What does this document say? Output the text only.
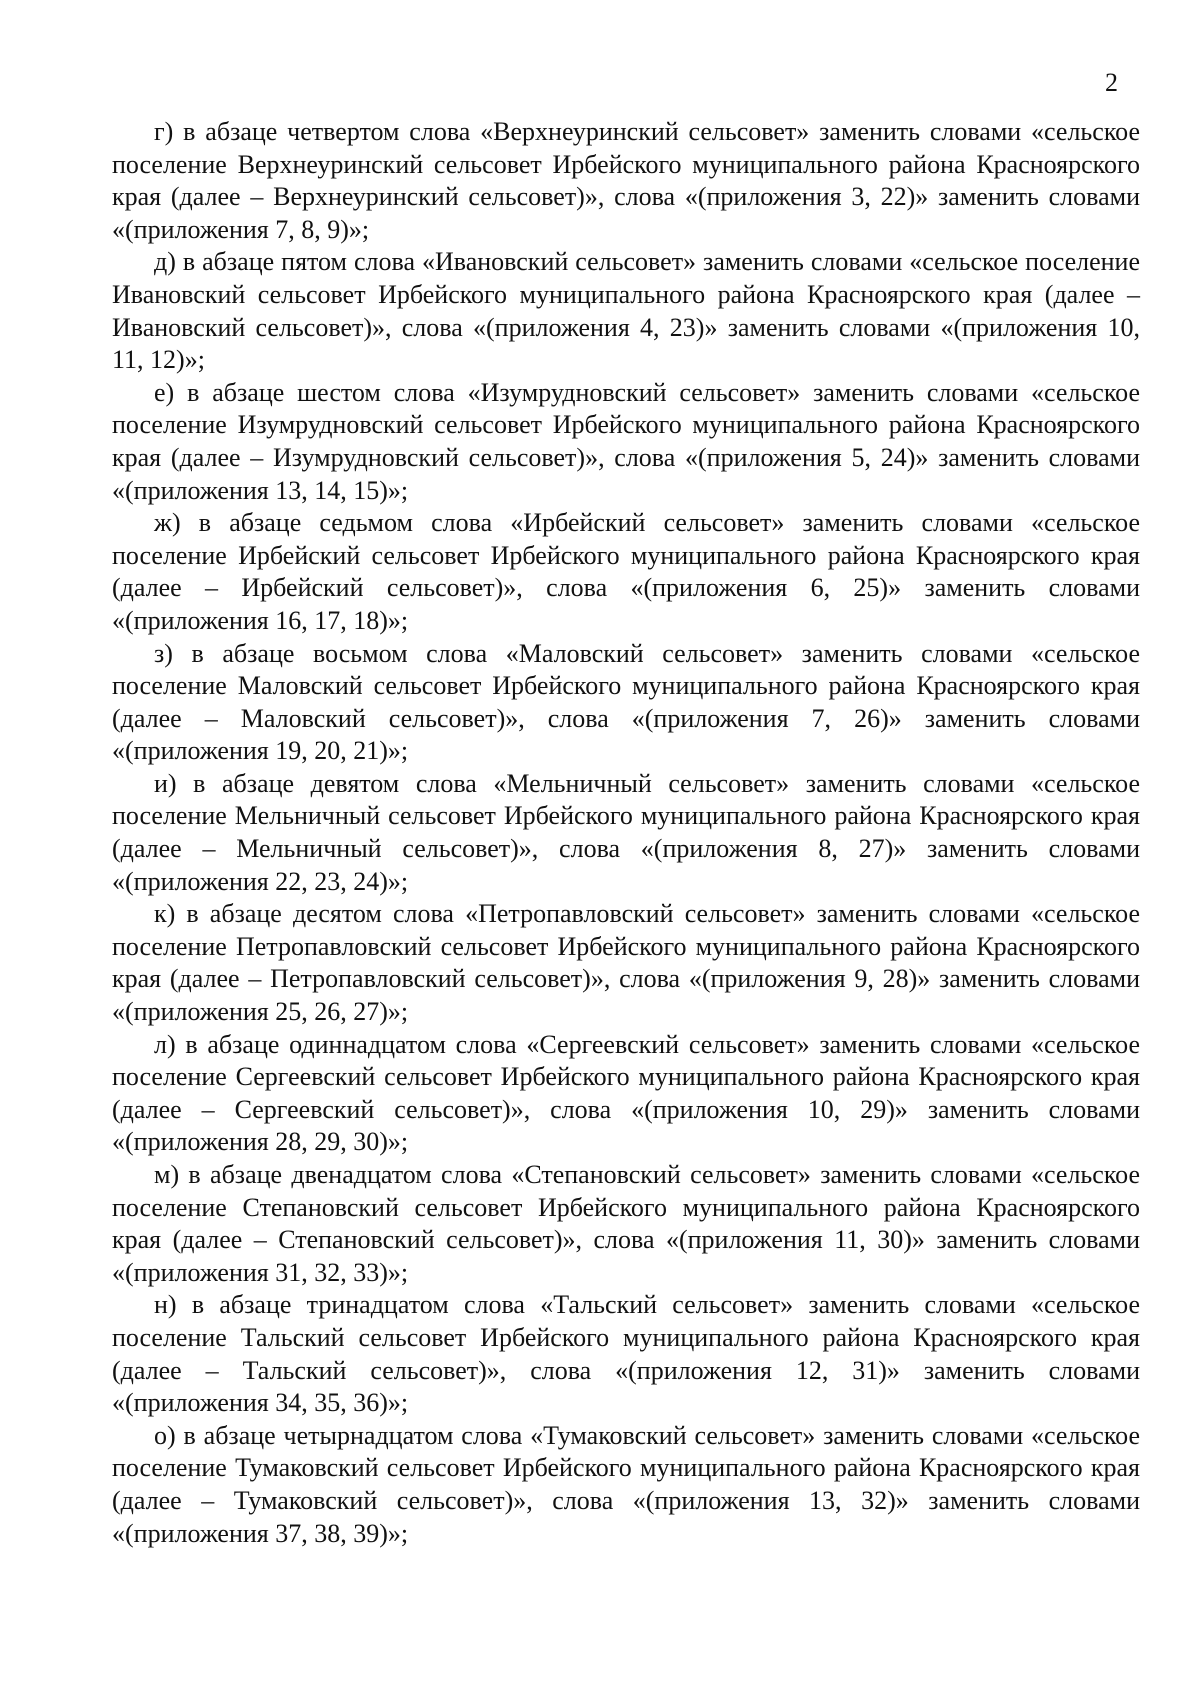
2

г) в абзаце четвертом слова «Верхнеуринский сельсовет» заменить словами «сельское поселение Верхнеуринский сельсовет Ирбейского муниципального района Красноярского края (далее – Верхнеуринский сельсовет)», слова «(приложения 3, 22)» заменить словами «(приложения 7, 8, 9)»;

д) в абзаце пятом слова «Ивановский сельсовет» заменить словами «сельское поселение Ивановский сельсовет Ирбейского муниципального района Красноярского края (далее – Ивановский сельсовет)», слова «(приложения 4, 23)» заменить словами «(приложения 10, 11, 12)»;

е) в абзаце шестом слова «Изумрудновский сельсовет» заменить словами «сельское поселение Изумрудновский сельсовет Ирбейского муниципального района Красноярского края (далее – Изумрудновский сельсовет)», слова «(приложения 5, 24)» заменить словами «(приложения 13, 14, 15)»;

ж) в абзаце седьмом слова «Ирбейский сельсовет» заменить словами «сельское поселение Ирбейский сельсовет Ирбейского муниципального района Красноярского края (далее – Ирбейский сельсовет)», слова «(приложения 6, 25)» заменить словами «(приложения 16, 17, 18)»;

з) в абзаце восьмом слова «Маловский сельсовет» заменить словами «сельское поселение Маловский сельсовет Ирбейского муниципального района Красноярского края (далее – Маловский сельсовет)», слова «(приложения 7, 26)» заменить словами «(приложения 19, 20, 21)»;

и) в абзаце девятом слова «Мельничный сельсовет» заменить словами «сельское поселение Мельничный сельсовет Ирбейского муниципального района Красноярского края (далее – Мельничный сельсовет)», слова «(приложения 8, 27)» заменить словами «(приложения 22, 23, 24)»;

к) в абзаце десятом слова «Петропавловский сельсовет» заменить словами «сельское поселение Петропавловский сельсовет Ирбейского муниципального района Красноярского края (далее – Петропавловский сельсовет)», слова «(приложения 9, 28)» заменить словами «(приложения 25, 26, 27)»;

л) в абзаце одиннадцатом слова «Сергеевский сельсовет» заменить словами «сельское поселение Сергеевский сельсовет Ирбейского муниципального района Красноярского края (далее – Сергеевский сельсовет)», слова «(приложения 10, 29)» заменить словами «(приложения 28, 29, 30)»;

м) в абзаце двенадцатом слова «Степановский сельсовет» заменить словами «сельское поселение Степановский сельсовет Ирбейского муниципального района Красноярского края (далее – Степановский сельсовет)», слова «(приложения 11, 30)» заменить словами «(приложения 31, 32, 33)»;

н) в абзаце тринадцатом слова «Тальский сельсовет» заменить словами «сельское поселение Тальский сельсовет Ирбейского муниципального района Красноярского края (далее – Тальский сельсовет)», слова «(приложения 12, 31)» заменить словами «(приложения 34, 35, 36)»;

о) в абзаце четырнадцатом слова «Тумаковский сельсовет» заменить словами «сельское поселение Тумаковский сельсовет Ирбейского муниципального района Красноярского края (далее – Тумаковский сельсовет)», слова «(приложения 13, 32)» заменить словами «(приложения 37, 38, 39)»;
